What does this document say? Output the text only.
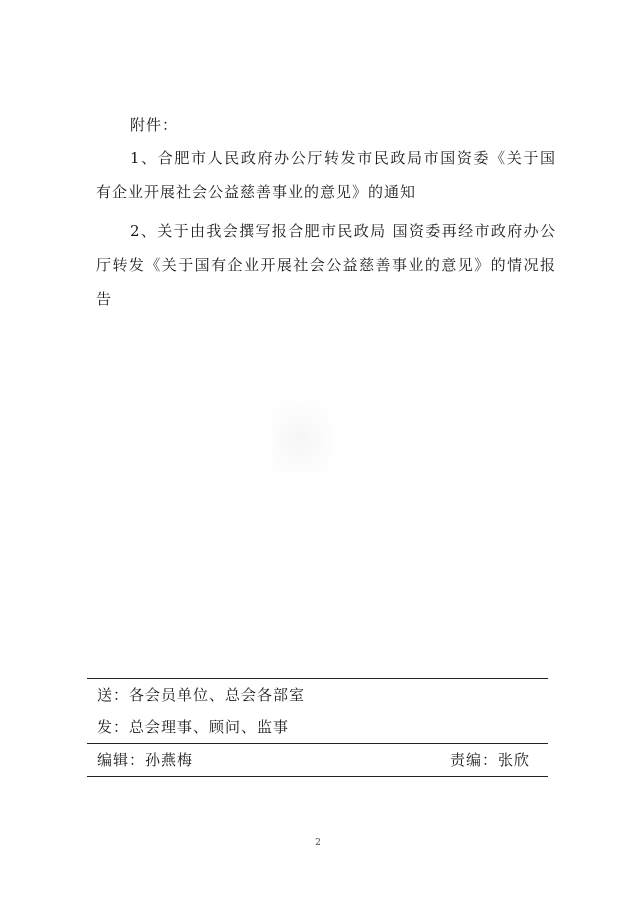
附件：
1、合肥市人民政府办公厅转发市民政局市国资委《关于国有企业开展社会公益慈善事业的意见》的通知
2、关于由我会撰写报合肥市民政局 国资委再经市政府办公厅转发《关于国有企业开展社会公益慈善事业的意见》的情况报告
送：各会员单位、总会各部室
发：总会理事、顾问、监事
编辑：孙燕梅	责编：张欣
2
